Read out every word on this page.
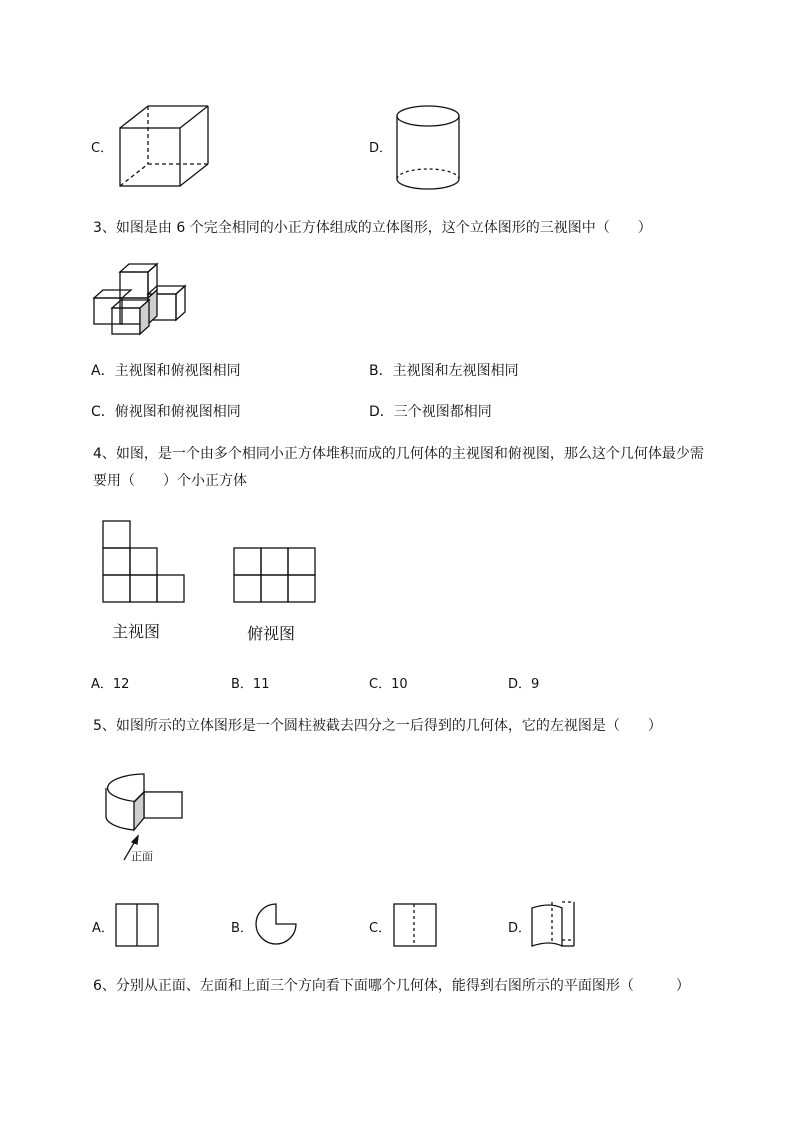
C．	D．
3、如图是由 6 个完全相同的小正方体组成的立体图形，这个立体图形的三视图中（　　）
A．主视图和俯视图相同	B．主视图和左视图相同
C．俯视图和俯视图相同	D．三个视图都相同
4、如图，是一个由多个相同小正方体堆积而成的几何体的主视图和俯视图，那么这个几何体最少需
要用（　　）个小正方体
主视图	俯视图
A．12	B．11	C．10	D．9
5、如图所示的立体图形是一个圆柱被截去四分之一后得到的几何体，它的左视图是（　　）
正面
A．	B．	C．	D．
6、分别从正面、左面和上面三个方向看下面哪个几何体，能得到右图所示的平面图形（　　　）
